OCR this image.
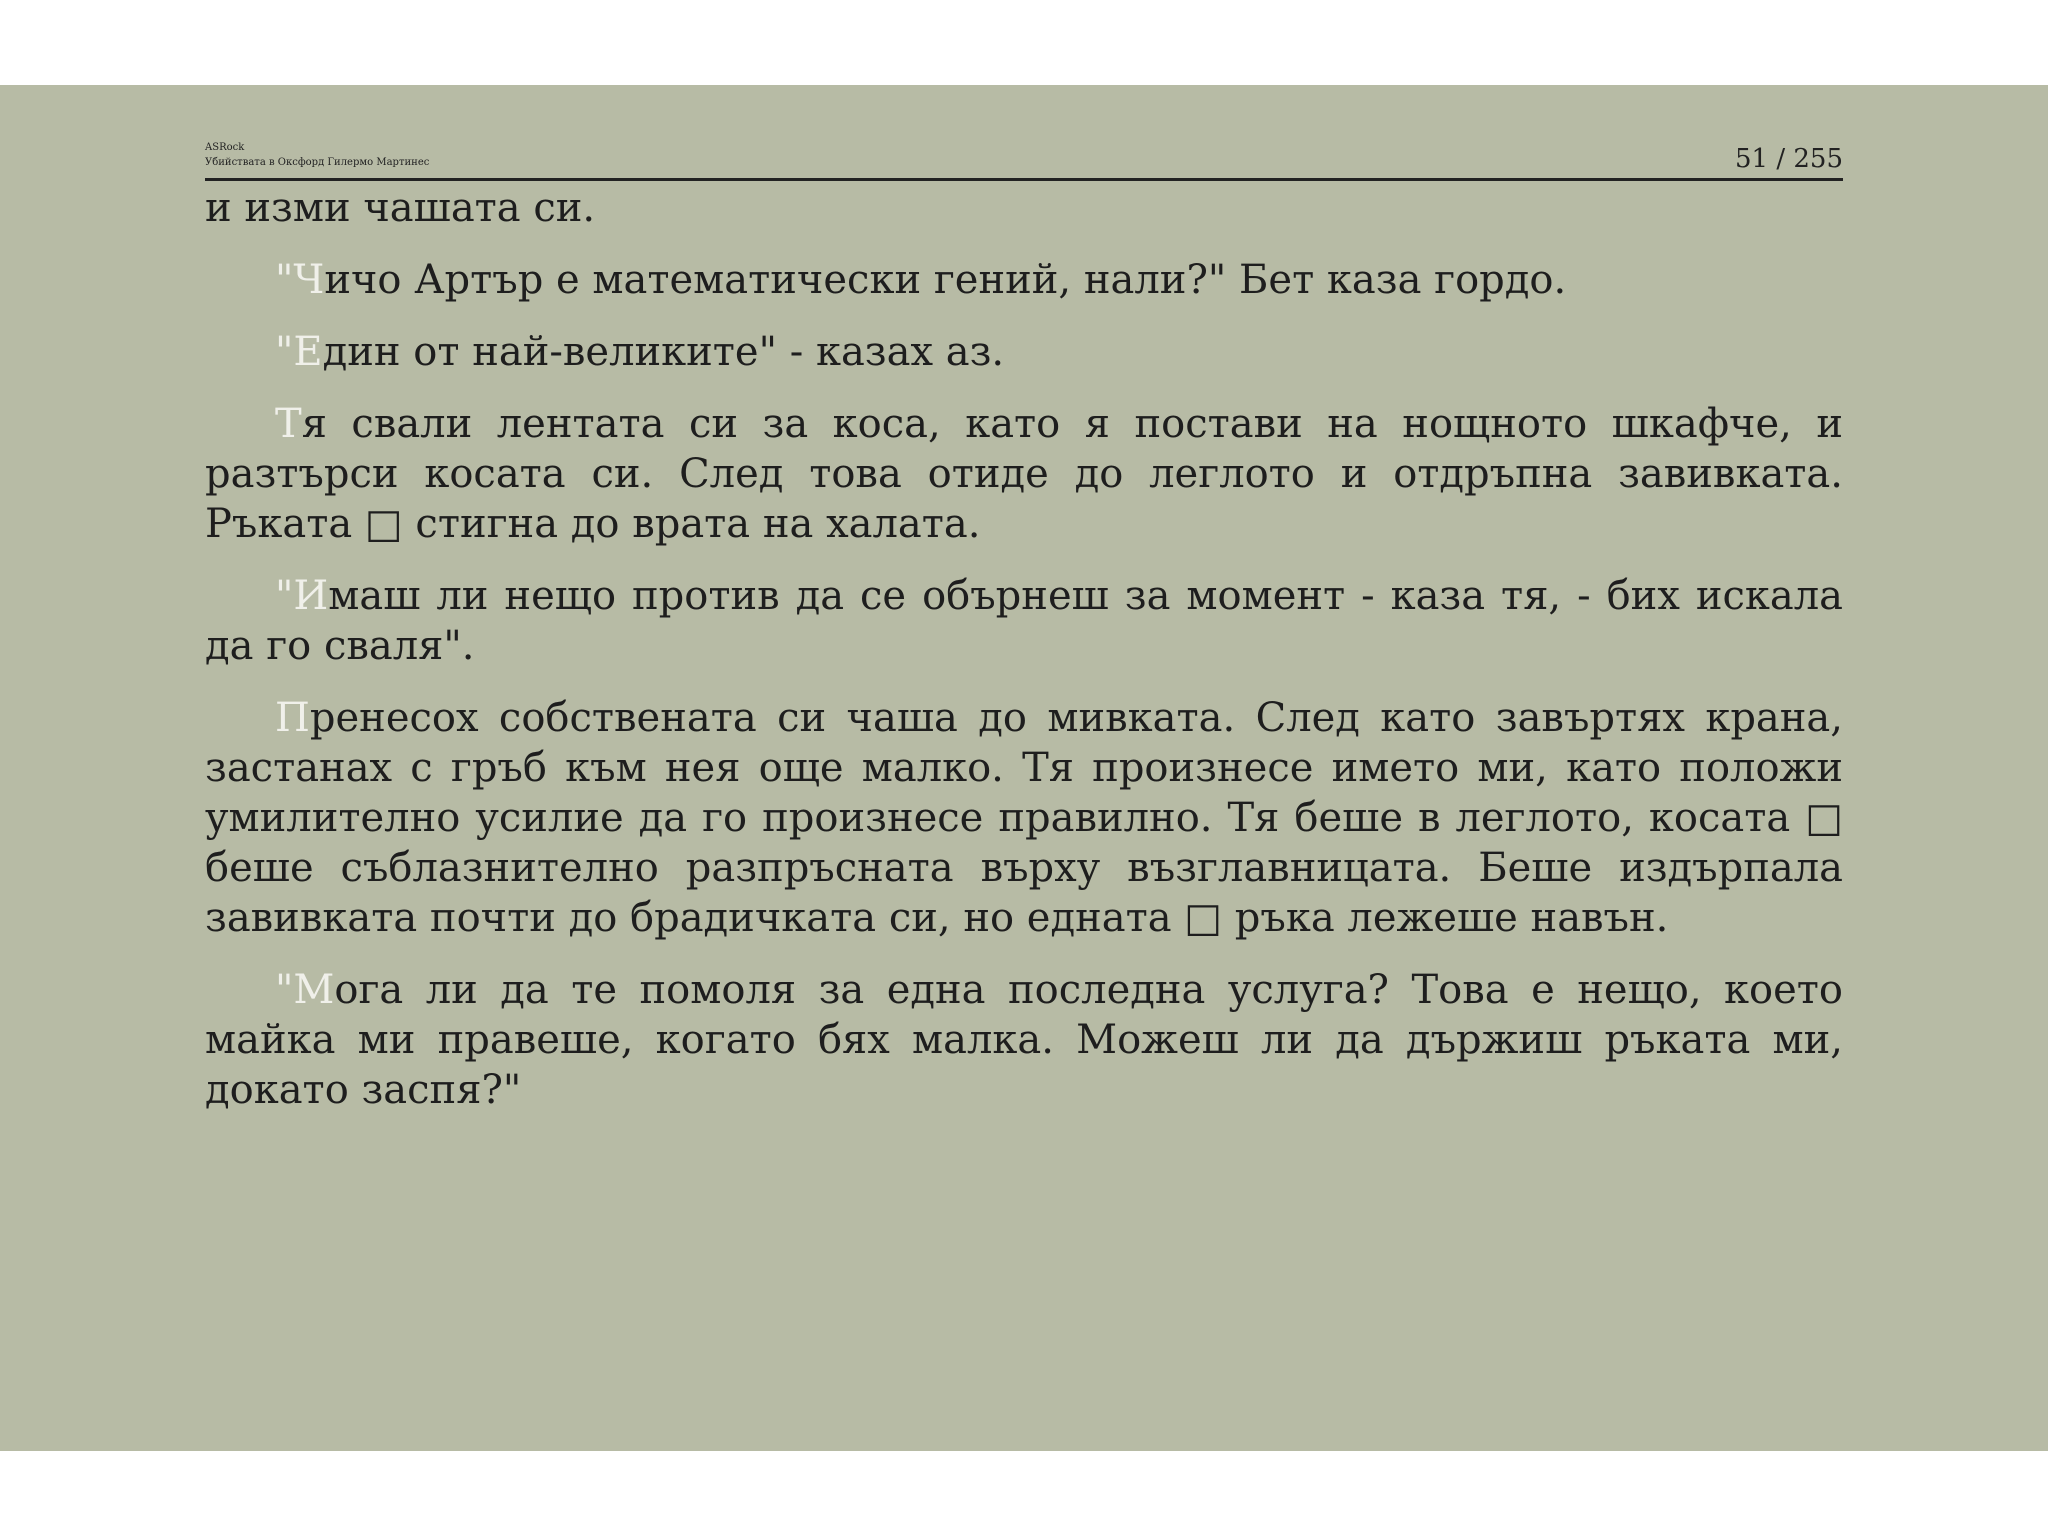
ASRock
Убийствата в Оксфорд Гилермо Мартинес	51 / 255

и изми чашата си.

"Чичо Артър е математически гений, нали?" Бет каза гордо.

"Един от най-великите" - казах аз.

Тя свали лентата си за коса, като я постави на нощното шкафче, и разтърси косата си. След това отиде до леглото и отдръпна завивката. Ръката □ стигна до врата на халата.

"Имаш ли нещо против да се обърнеш за момент - каза тя, - бих искала да го сваля".

Пренесох собствената си чаша до мивката. След като завъртях крана, застанах с гръб към нея още малко. Тя произнесе името ми, като положи умилително усилие да го произнесе правилно. Тя беше в леглото, косата □ беше съблазнително разпръсната върху възглавницата. Беше издърпала завивката почти до брадичката си, но едната □ ръка лежеше навън.

"Мога ли да те помоля за една последна услуга? Това е нещо, което майка ми правеше, когато бях малка. Можеш ли да държиш ръката ми, докато заспя?"
